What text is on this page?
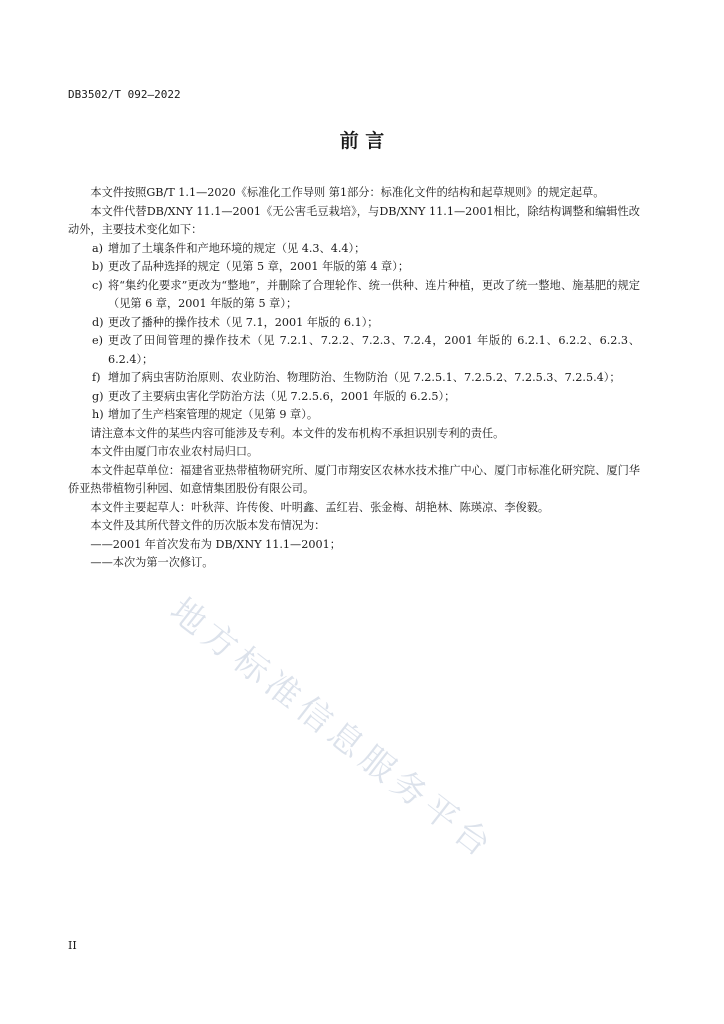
DB3502/T 092—2022
前 言

本文件按照GB/T 1.1—2020《标准化工作导则 第1部分：标准化文件的结构和起草规则》的规定起草。

本文件代替DB/XNY 11.1—2001《无公害毛豆栽培》，与DB/XNY 11.1—2001相比，除结构调整和编辑性改动外，主要技术变化如下：

a) 增加了土壤条件和产地环境的规定（见 4.3、4.4）；
b) 更改了品种选择的规定（见第 5 章，2001 年版的第 4 章）；
c) 将“集约化要求”更改为“整地”，并删除了合理轮作、统一供种、连片种植，更改了统一整地、施基肥的规定（见第 6 章，2001 年版的第 5 章）；
d) 更改了播种的操作技术（见 7.1，2001 年版的 6.1）；
e) 更改了田间管理的操作技术（见 7.2.1、7.2.2、7.2.3、7.2.4，2001 年版的 6.2.1、6.2.2、6.2.3、6.2.4）；
f) 增加了病虫害防治原则、农业防治、物理防治、生物防治（见 7.2.5.1、7.2.5.2、7.2.5.3、7.2.5.4）；
g) 更改了主要病虫害化学防治方法（见 7.2.5.6，2001 年版的 6.2.5）；
h) 增加了生产档案管理的规定（见第 9 章）。

请注意本文件的某些内容可能涉及专利。本文件的发布机构不承担识别专利的责任。

本文件由厦门市农业农村局归口。

本文件起草单位：福建省亚热带植物研究所、厦门市翔安区农林水技术推广中心、厦门市标准化研究院、厦门华侨亚热带植物引种园、如意情集团股份有限公司。

本文件主要起草人：叶秋萍、许传俊、叶明鑫、孟红岩、张金梅、胡艳林、陈瑛凉、李俊毅。

本文件及其所代替文件的历次版本发布情况为：

——2001 年首次发布为 DB/XNY 11.1—2001；

——本次为第一次修订。

地方标准信息服务平台
II
